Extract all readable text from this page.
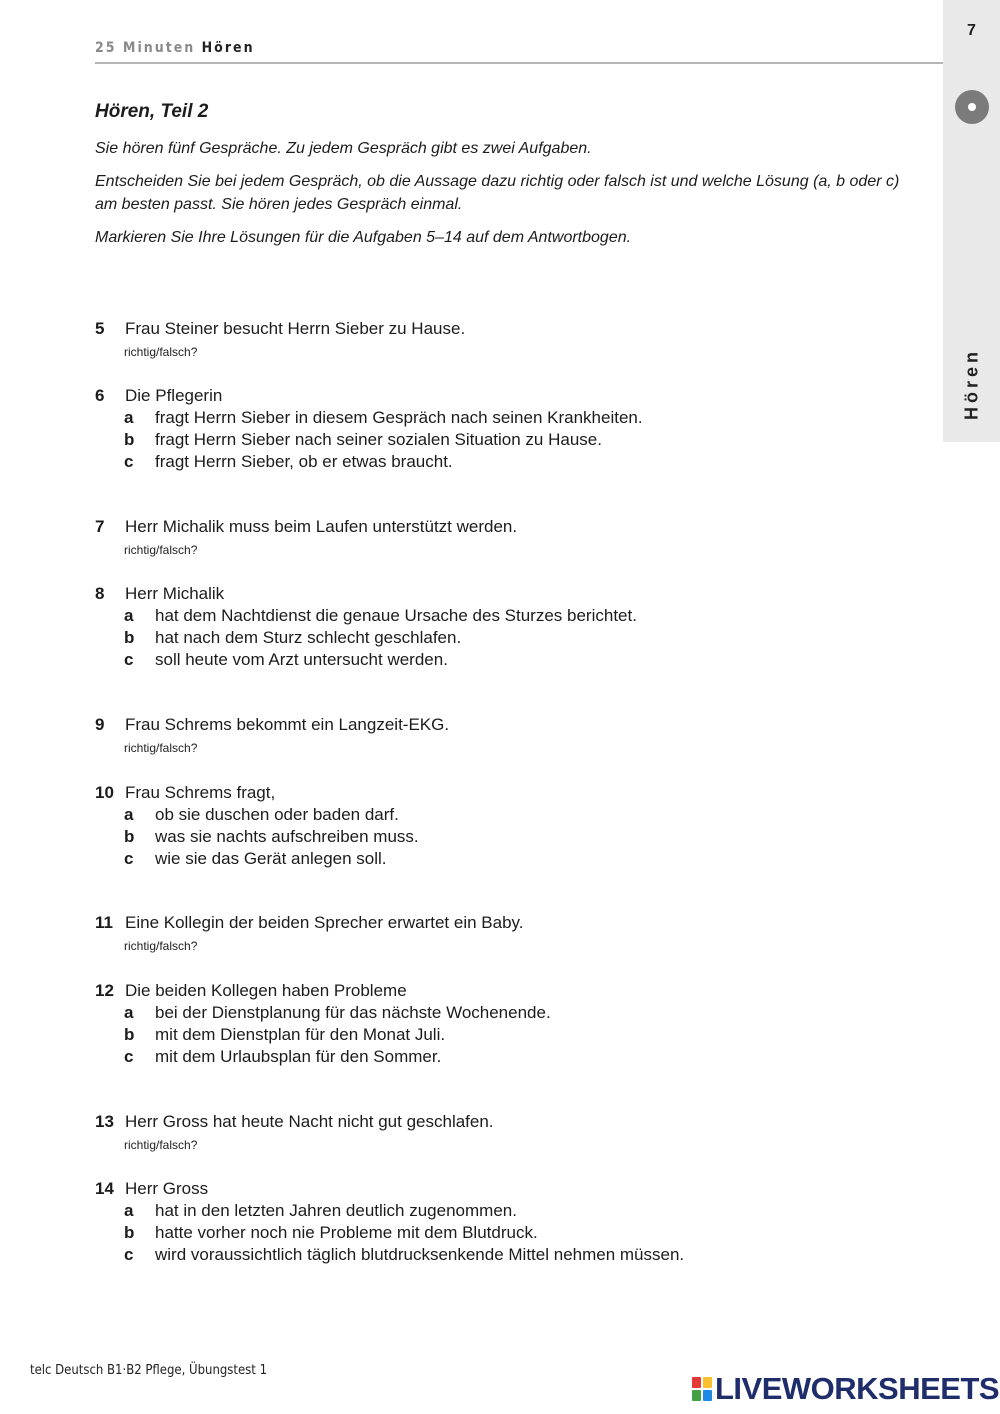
25 Minuten Hören
7
Hören
Hören, Teil 2

Sie hören fünf Gespräche. Zu jedem Gespräch gibt es zwei Aufgaben.

Entscheiden Sie bei jedem Gespräch, ob die Aussage dazu richtig oder falsch ist und welche Lösung (a, b oder c) am besten passt. Sie hören jedes Gespräch einmal.

Markieren Sie Ihre Lösungen für die Aufgaben 5–14 auf dem Antwortbogen.

5 Frau Steiner besucht Herrn Sieber zu Hause.
richtig/falsch?
6 Die Pflegerin
a fragt Herrn Sieber in diesem Gespräch nach seinen Krankheiten.
b fragt Herrn Sieber nach seiner sozialen Situation zu Hause.
c fragt Herrn Sieber, ob er etwas braucht.
7 Herr Michalik muss beim Laufen unterstützt werden.
richtig/falsch?
8 Herr Michalik
a hat dem Nachtdienst die genaue Ursache des Sturzes berichtet.
b hat nach dem Sturz schlecht geschlafen.
c soll heute vom Arzt untersucht werden.
9 Frau Schrems bekommt ein Langzeit-EKG.
richtig/falsch?
10 Frau Schrems fragt,
a ob sie duschen oder baden darf.
b was sie nachts aufschreiben muss.
c wie sie das Gerät anlegen soll.
11 Eine Kollegin der beiden Sprecher erwartet ein Baby.
richtig/falsch?
12 Die beiden Kollegen haben Probleme
a bei der Dienstplanung für das nächste Wochenende.
b mit dem Dienstplan für den Monat Juli.
c mit dem Urlaubsplan für den Sommer.
13 Herr Gross hat heute Nacht nicht gut geschlafen.
richtig/falsch?
14 Herr Gross
a hat in den letzten Jahren deutlich zugenommen.
b hatte vorher noch nie Probleme mit dem Blutdruck.
c wird voraussichtlich täglich blutdrucksenkende Mittel nehmen müssen.
telc Deutsch B1·B2 Pflege, Übungstest 1
LIVEWORKSHEETS
